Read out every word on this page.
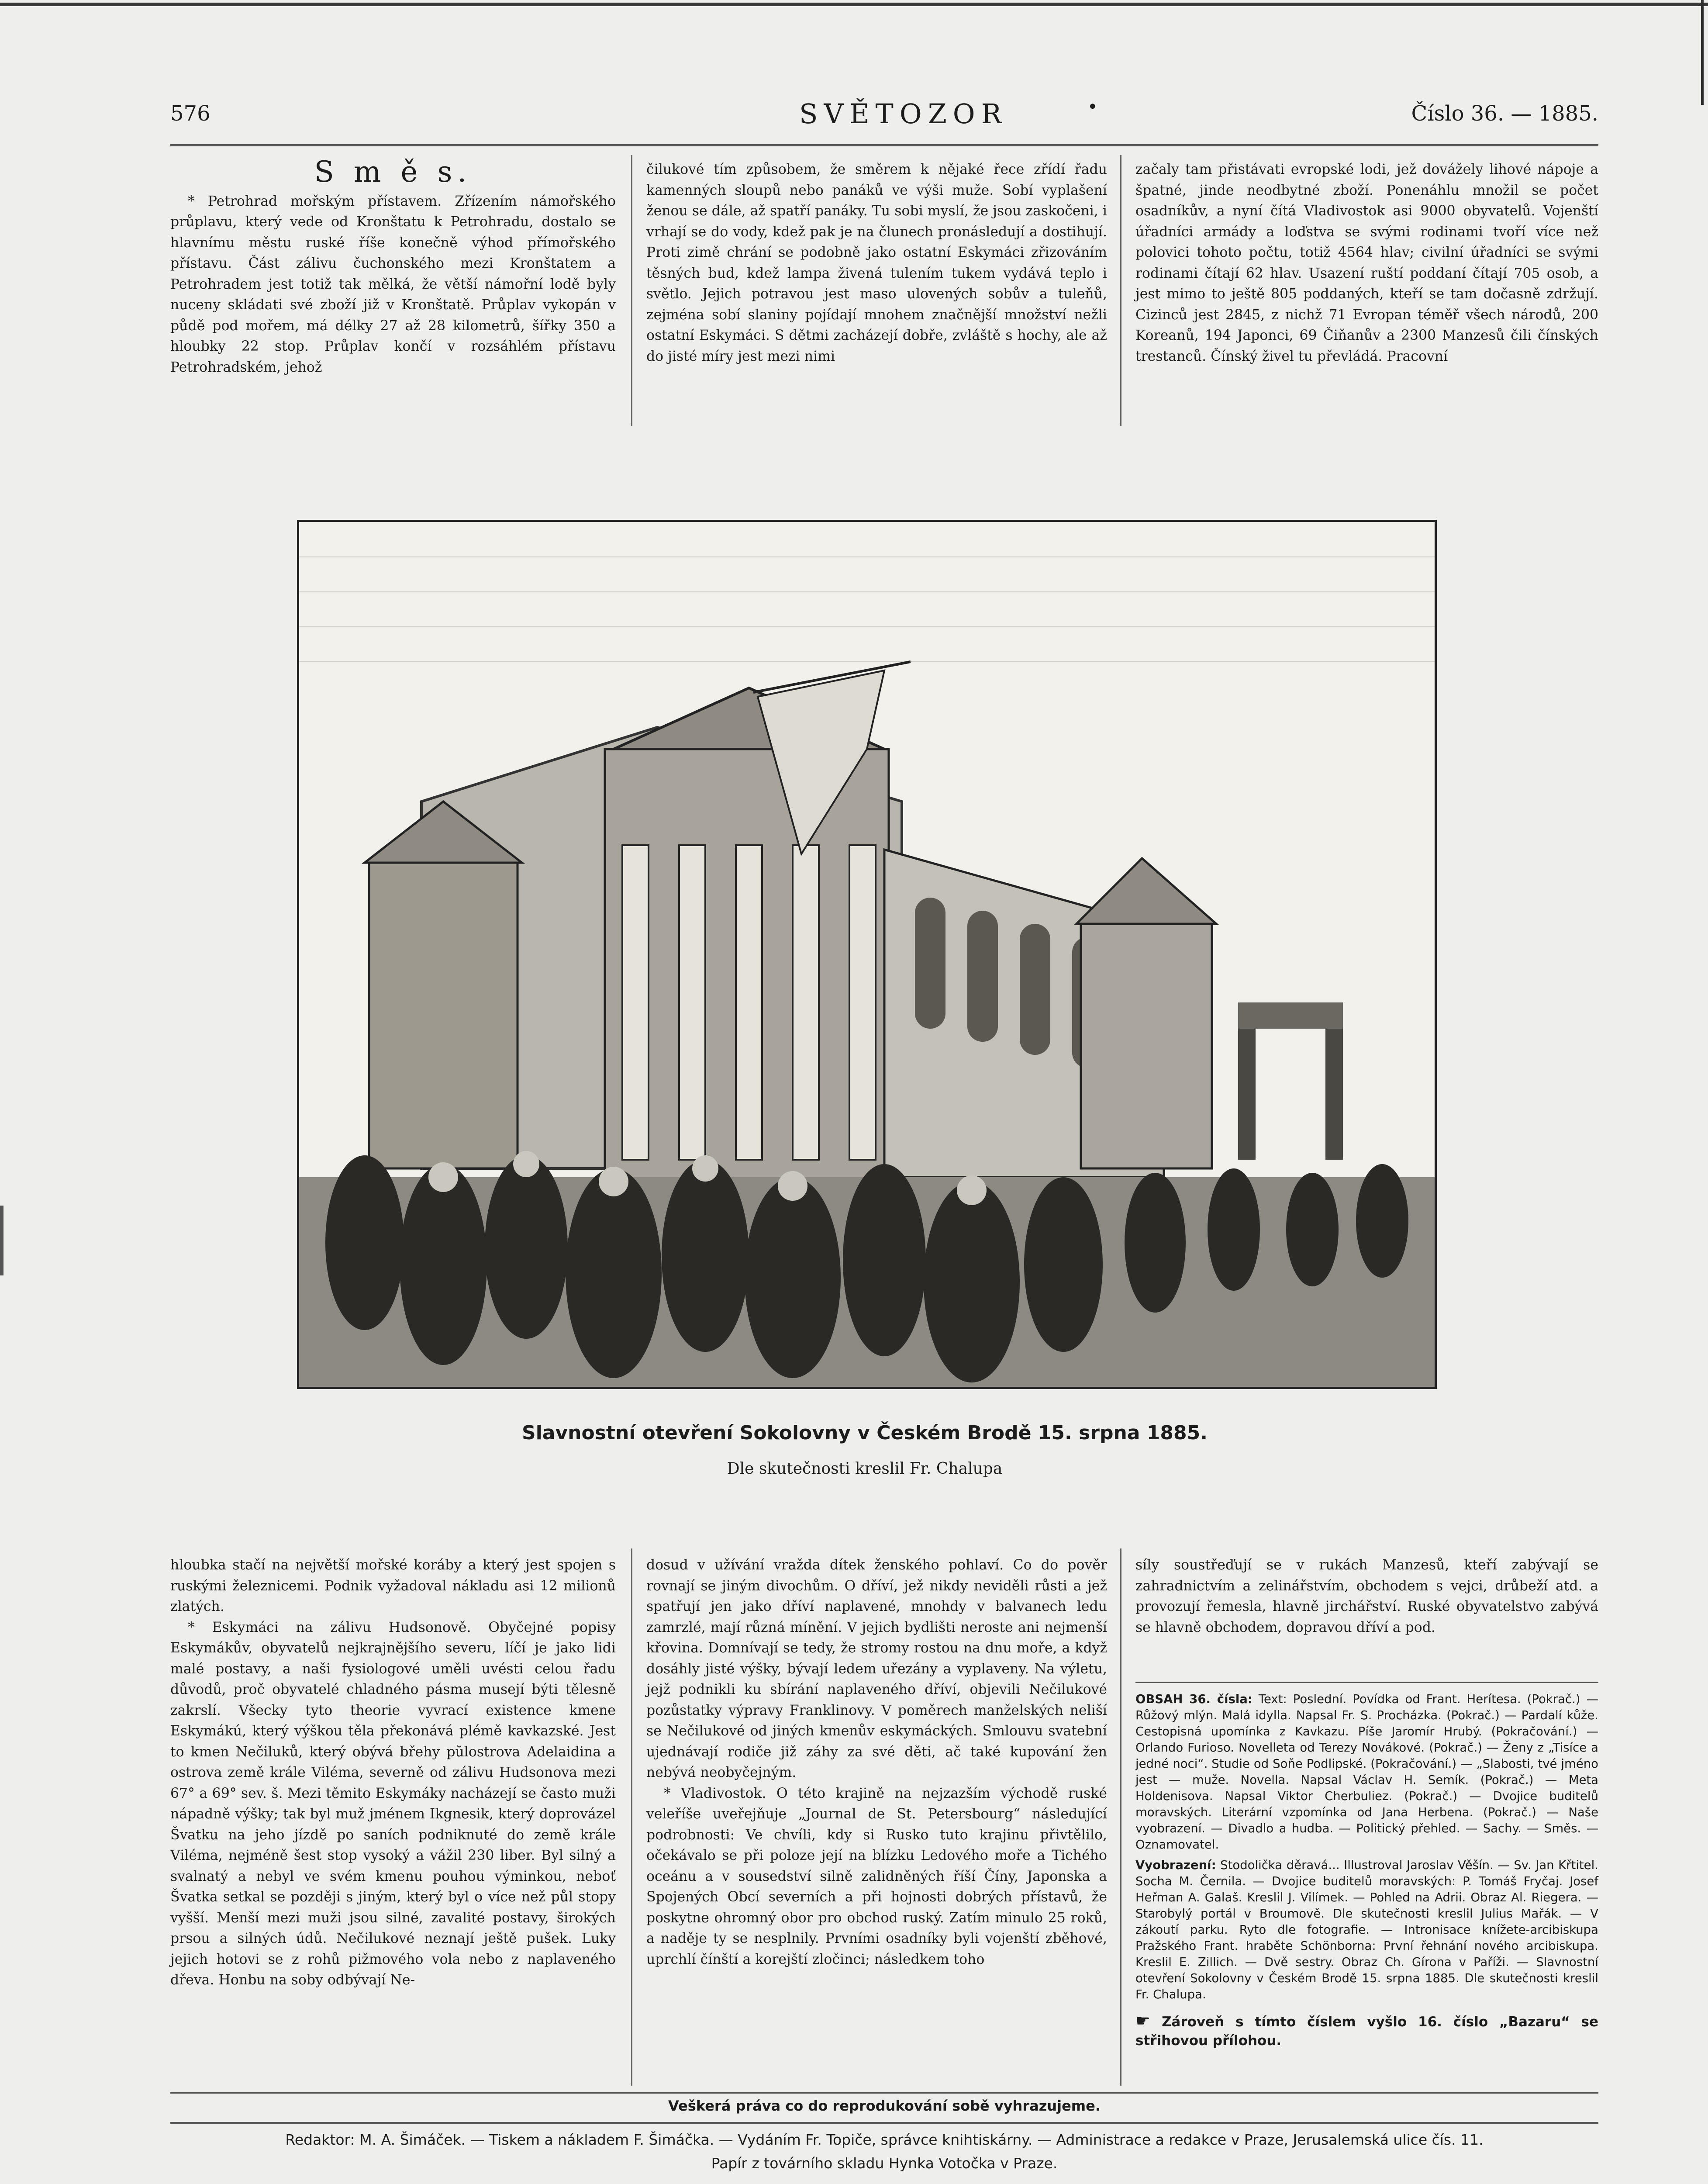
576	SVĚTOZOR	•	Číslo 36. — 1885.
S m ě s.

* Petrohrad mořským přístavem. Zřízením námořského průplavu, který vede od Kronštatu k Petrohradu, dostalo se hlavnímu městu ruské říše konečně výhod přímořského přístavu. Část zálivu čuchonského mezi Kronštatem a Petrohradem jest totiž tak mělká, že větší námořní lodě byly nuceny skládati své zboží již v Kronštatě. Průplav vykopán v půdě pod mořem, má délky 27 až 28 kilometrů, šířky 350 a hloubky 22 stop. Průplav končí v rozsáhlém přístavu Petrohradském, jehož

čilukové tím způsobem, že směrem k nějaké řece zřídí řadu kamenných sloupů nebo panáků ve výši muže. Sobí vyplašení ženou se dále, až spatří panáky. Tu sobi myslí, že jsou zaskočeni, i vrhají se do vody, kdež pak je na člunech pronásledují a dostihují. Proti zimě chrání se podobně jako ostatní Eskymáci zřizováním těsných bud, kdež lampa živená tulením tukem vydává teplo i světlo. Jejich potravou jest maso ulovených sobův a tuleňů, zejména sobí slaniny pojídají mnohem značnější množství nežli ostatní Eskymáci. S dětmi zacházejí dobře, zvláště s hochy, ale až do jisté míry jest mezi nimi

začaly tam přistávati evropské lodi, jež dovážely lihové nápoje a špatné, jinde neodbytné zboží. Ponenáhlu množil se počet osadníkův, a nyní čítá Vladivostok asi 9000 obyvatelů. Vojenští úřadníci armády a loďstva se svými rodinami tvoří více než polovici tohoto počtu, totiž 4564 hlav; civilní úřadníci se svými rodinami čítají 62 hlav. Usazení ruští poddaní čítají 705 osob, a jest mimo to ještě 805 poddaných, kteří se tam dočasně zdržují. Cizinců jest 2845, z nichž 71 Evropan téměř všech národů, 200 Koreanů, 194 Japonci, 69 Čiňanův a 2300 Manzesů čili čínských trestanců. Čínský živel tu převládá. Pracovní

Slavnostní otevření Sokolovny v Českém Brodě 15. srpna 1885.
Dle skutečnosti kreslil Fr. Chalupa

hloubka stačí na největší mořské koráby a který jest spojen s ruskými železnicemi. Podnik vyžadoval nákladu asi 12 milionů zlatých.

* Eskymáci na zálivu Hudsonově. Obyčejné popisy Eskymákův, obyvatelů nejkrajnějšího severu, líčí je jako lidi malé postavy, a naši fysiologové uměli uvésti celou řadu důvodů, proč obyvatelé chladného pásma musejí býti tělesně zakrslí. Všecky tyto theorie vyvrací existence kmene Eskymákú, který výškou těla překonává plémě kavkazské. Jest to kmen Nečiluků, který obývá břehy pŭlostrova Adelaidina a ostrova země krále Viléma, severně od zálivu Hudsonova mezi 67° a 69° sev. š. Mezi těmito Eskymáky nacházejí se často muži nápadně výšky; tak byl muž jménem Ikgnesik, který doprovázel Švatku na jeho jízdě po saních podniknuté do země krále Viléma, nejméně šest stop vysoký a vážil 230 liber. Byl silný a svalnatý a nebyl ve svém kmenu pouhou výminkou, neboť Švatka setkal se později s jiným, který byl o více než půl stopy vyšší. Menší mezi muži jsou silné, zavalité postavy, širokých prsou a silných údů. Nečilukové neznají ještě pušek. Luky jejich hotovi se z rohů pižmového vola nebo z naplaveného dřeva. Honbu na soby odbývají Ne-

dosud v užívání vražda dítek ženského pohlaví. Co do pověr rovnají se jiným divochům. O dříví, jež nikdy neviděli růsti a jež spatřují jen jako dříví naplavené, mnohdy v balvanech ledu zamrzlé, mají různá mínění. V jejich bydlišti neroste ani nejmenší křovina. Domnívají se tedy, že stromy rostou na dnu moře, a když dosáhly jisté výšky, bývají ledem uřezány a vyplaveny. Na výletu, jejž podnikli ku sbírání naplaveného dříví, objevili Nečilukové pozůstatky výpravy Franklinovy. V poměrech manželských neliší se Nečilukové od jiných kmenův eskymáckých. Smlouvu svatební ujednávají rodiče již záhy za své děti, ač také kupování žen nebývá neobyčejným.

* Vladivostok. O této krajině na nejzazším východě ruské veleříše uveřejňuje „Journal de St. Petersbourg“ následující podrobnosti: Ve chvíli, kdy si Rusko tuto krajinu přivtělilo, očekávalo se při poloze její na blízku Ledového moře a Tichého oceánu a v sousedství silně zalidněných říší Číny, Japonska a Spojených Obcí severních a při hojnosti dobrých přístavů, že poskytne ohromný obor pro obchod ruský. Zatím minulo 25 roků, a naděje ty se nesplnily. Prvními osadníky byli vojenští zběhové, uprchlí čínští a korejští zločinci; následkem toho

síly soustřeďují se v rukách Manzesů, kteří zabývají se zahradnictvím a zelinářstvím, obchodem s vejci, drůbeží atd. a provozují řemesla, hlavně jirchářství. Ruské obyvatelstvo zabývá se hlavně obchodem, dopravou dříví a pod.

OBSAH 36. čísla: Text: Poslední. Povídka od Frant. Herítesa. (Pokrač.) — Růžový mlýn. Malá idylla. Napsal Fr. S. Procházka. (Pokrač.) — Pardalí kůže. Cestopisná upomínka z Kavkazu. Píše Jaromír Hrubý. (Pokračování.) — Orlando Furioso. Novelleta od Terezy Novákové. (Pokrač.) — Ženy z „Tisíce a jedné noci“. Studie od Soňe Podlipské. (Pokračování.) — „Slabosti, tvé jméno jest — muže. Novella. Napsal Václav H. Semík. (Pokrač.) — Meta Holdenisova. Napsal Viktor Cherbuliez. (Pokrač.) — Dvojice buditelů moravských. Literární vzpomínka od Jana Herbena. (Pokrač.) — Naše vyobrazení. — Divadlo a hudba. — Politický přehled. — Sachy. — Směs. — Oznamovatel.

Vyobrazení: Stodolička děravá... Illustroval Jaroslav Věšín. — Sv. Jan Křtitel. Socha M. Černila. — Dvojice buditelů moravských: P. Tomáš Fryčaj. Josef Heřman A. Galaš. Kreslil J. Vilímek. — Pohled na Adrii. Obraz Al. Riegera. — Starobylý portál v Broumově. Dle skutečnosti kreslil Julius Mařák. — V zákoutí parku. Ryto dle fotografie. — Intronisace knížete-arcibiskupa Pražského Frant. hraběte Schönborna: První řehnání nového arcibiskupa. Kreslil E. Zillich. — Dvě sestry. Obraz Ch. Gírona v Paříži. — Slavnostní otevření Sokolovny v Českém Brodě 15. srpna 1885. Dle skutečnosti kreslil Fr. Chalupa.

☛ Zároveň s tímto číslem vyšlo 16. číslo „Bazaru“ se střihovou přílohou.
Veškerá práva co do reprodukování sobě vyhrazujeme.
Redaktor: M. A. Šimáček. — Tiskem a nákladem F. Šimáčka. — Vydáním Fr. Topiče, správce knihtiskárny. — Administrace a redakce v Praze, Jerusalemská ulice čís. 11.
Papír z továrního skladu Hynka Votočka v Praze.
